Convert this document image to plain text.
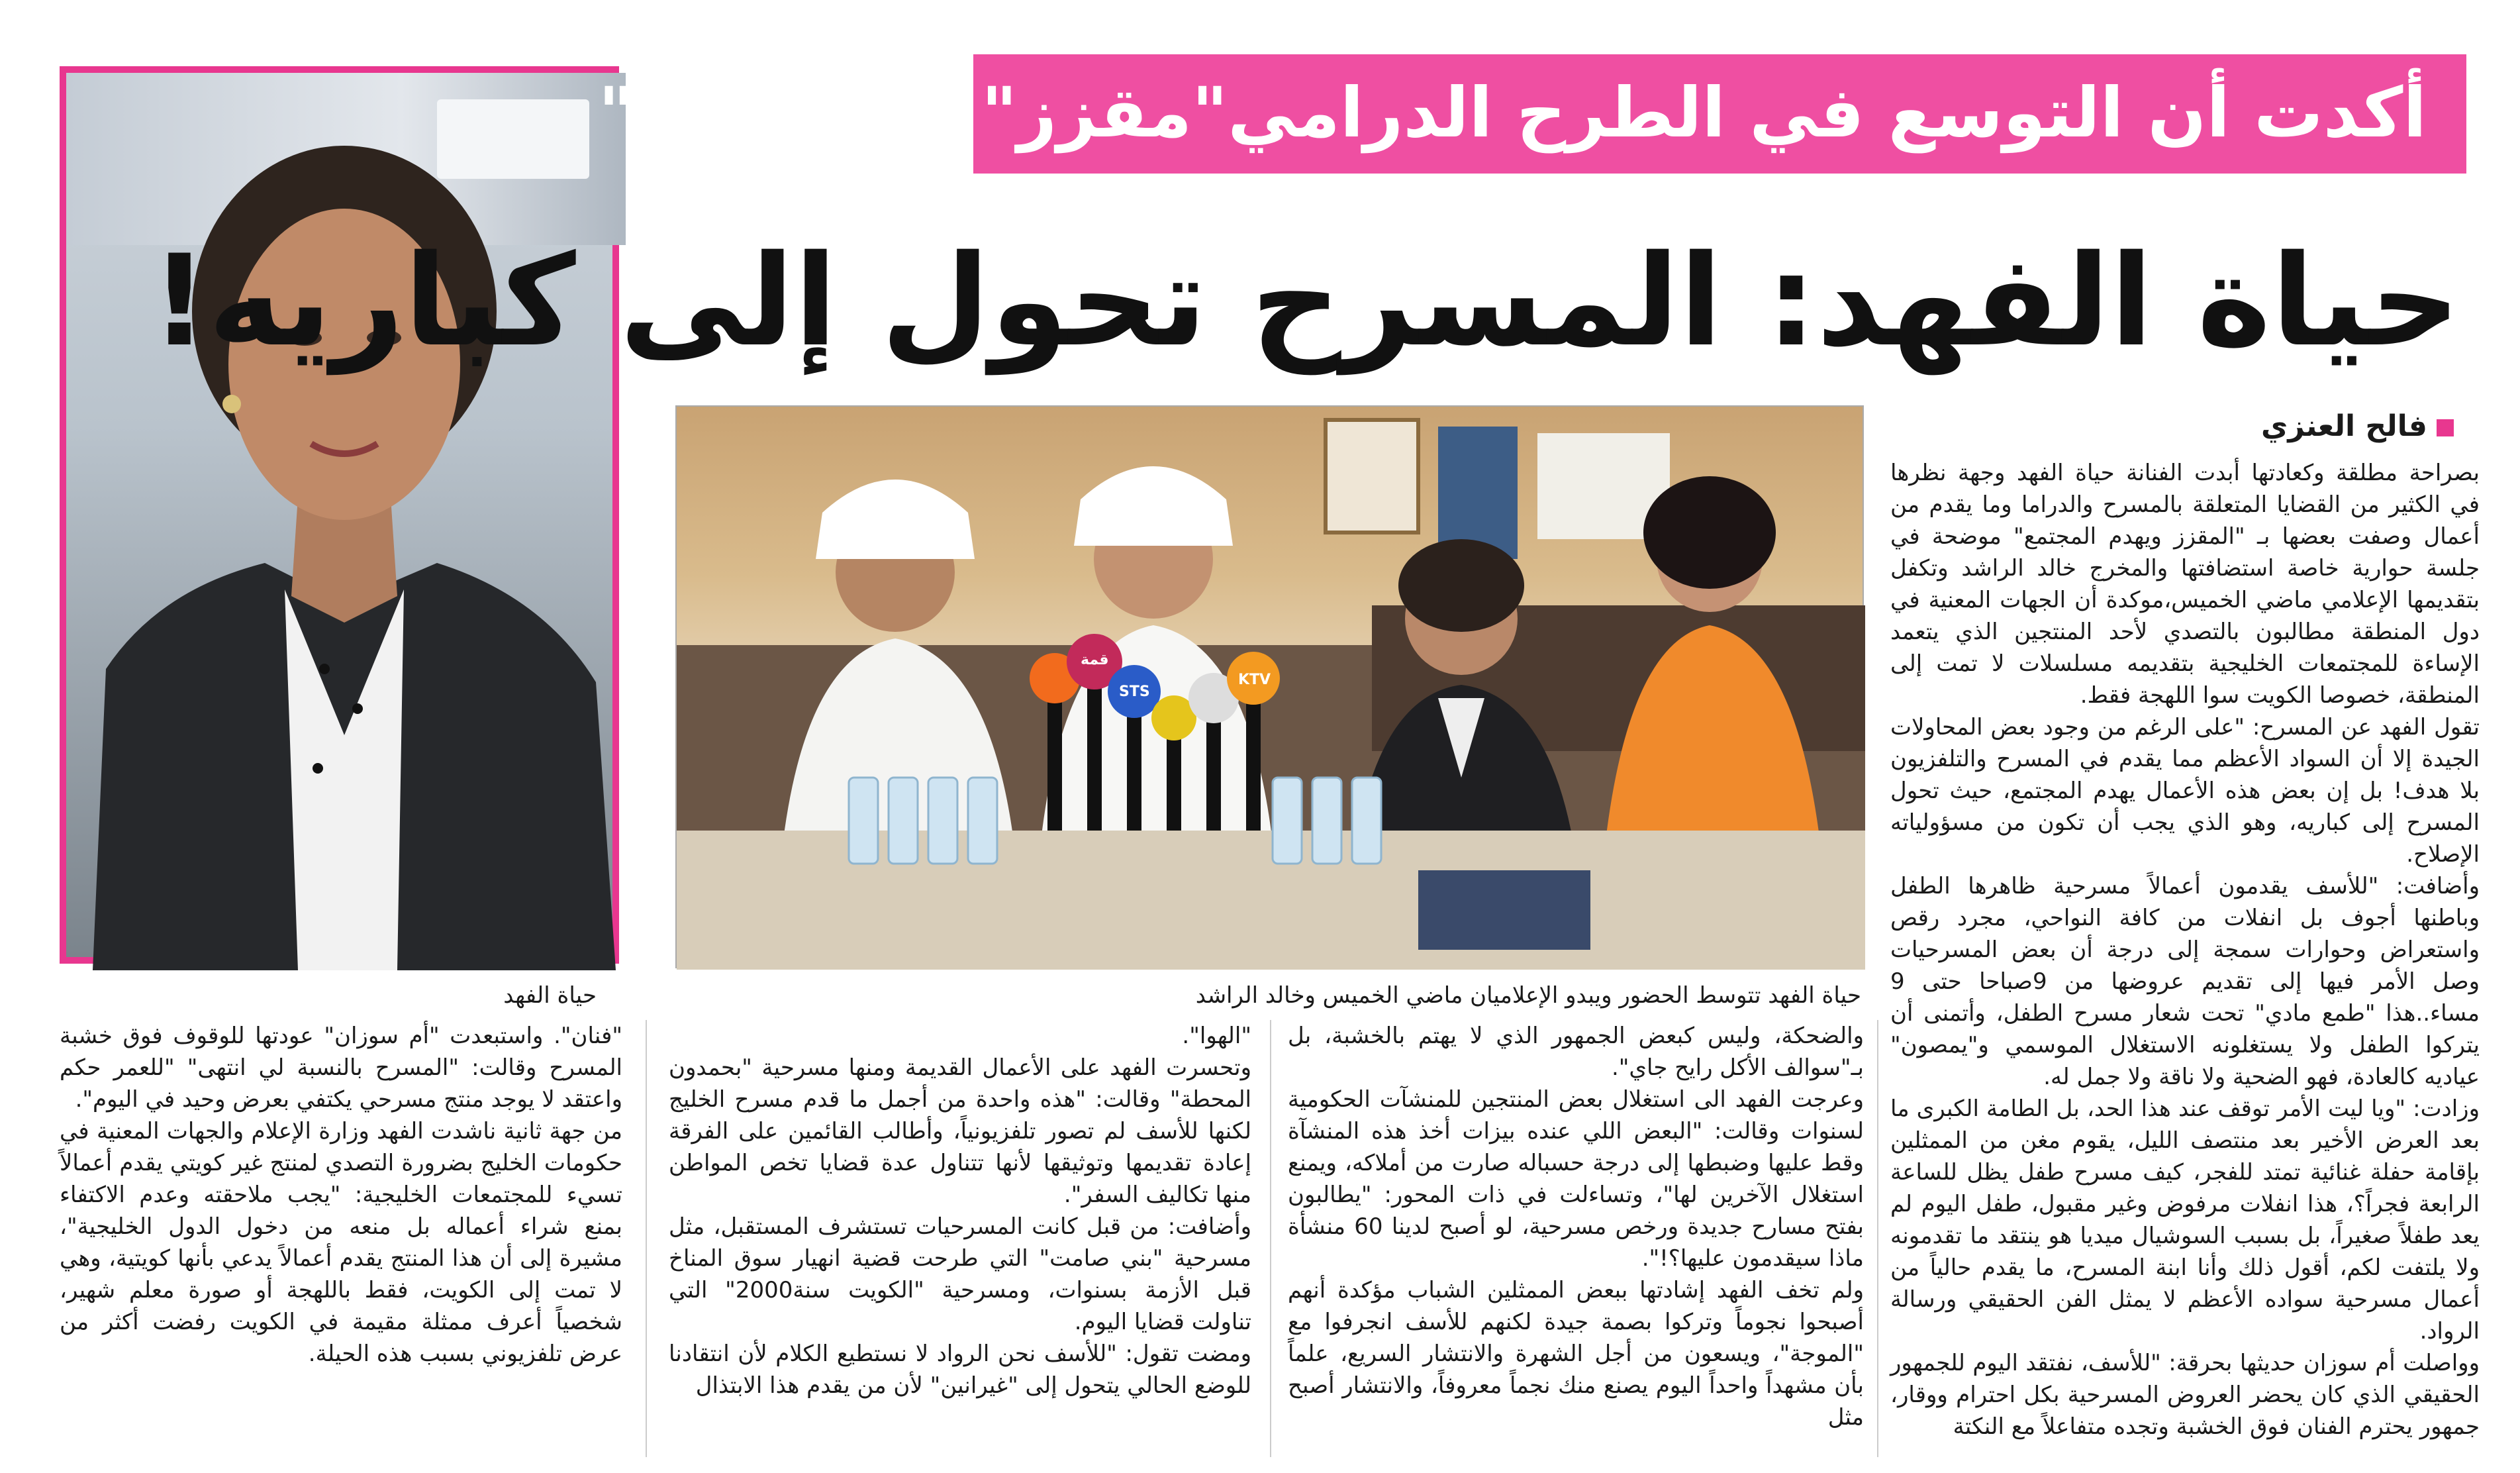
حياة الفهد
أكدت أن التوسع في الطرح الدرامي"مقزز" و "انفلات"
حياة الفهد: المسرح تحول إلى كباريه!
فالح العنزي
قمة
STS
KTV
حياة الفهد تتوسط الحضور ويبدو الإعلاميان ماضي الخميس وخالد الراشد

بصراحة مطلقة وكعادتها أبدت الفنانة حياة الفهد وجهة نظرها في الكثير من القضايا المتعلقة بالمسرح والدراما وما يقدم من أعمال وصفت بعضها بـ "المقزز ويهدم المجتمع" موضحة في جلسة حوارية خاصة استضافتها والمخرج خالد الراشد وتكفل بتقديمها الإعلامي ماضي الخميس،موكدة أن الجهات المعنية في دول المنطقة مطالبون بالتصدي لأحد المنتجين الذي يتعمد الإساءة للمجتمعات الخليجية بتقديمه مسلسلات لا تمت إلى المنطقة، خصوصا الكويت سوا اللهجة فقط.

تقول الفهد عن المسرح: "على الرغم من وجود بعض المحاولات الجيدة إلا أن السواد الأعظم مما يقدم في المسرح والتلفزيون بلا هدف! بل إن بعض هذه الأعمال يهدم المجتمع، حيث تحول المسرح إلى كباريه، وهو الذي يجب أن تكون من مسؤولياته الإصلاح.

وأضافت: "للأسف يقدمون أعمالاً مسرحية ظاهرها الطفل وباطنها أجوف بل انفلات من كافة النواحي، مجرد رقص واستعراض وحوارات سمجة إلى درجة أن بعض المسرحيات وصل الأمر فيها إلى تقديم عروضها من 9صباحا حتى 9 مساء..هذا "طمع مادي" تحت شعار مسرح الطفل، وأتمنى أن يتركوا الطفل ولا يستغلونه الاستغلال الموسمي و"يمصون" عياديه كالعادة، فهو الضحية ولا ناقة ولا جمل له.

وزادت: "ويا ليت الأمر توقف عند هذا الحد، بل الطامة الكبرى ما بعد العرض الأخير بعد منتصف الليل، يقوم مغن من الممثلين بإقامة حفلة غنائية تمتد للفجر، كيف مسرح طفل يظل للساعة الرابعة فجراً؟، هذا انفلات مرفوض وغير مقبول، طفل اليوم لم يعد طفلاً صغيراً، بل بسبب السوشيال ميديا هو ينتقد ما تقدمونه ولا يلتفت لكم، أقول ذلك وأنا ابنة المسرح، ما يقدم حالياً من أعمال مسرحية سواده الأعظم لا يمثل الفن الحقيقي ورسالة الرواد.

وواصلت أم سوزان حديثها بحرقة: "للأسف، نفتقد اليوم للجمهور الحقيقي الذي كان يحضر العروض المسرحية بكل احترام ووقار، جمهور يحترم الفنان فوق الخشبة وتجده متفاعلاً مع النكتة

والضحكة، وليس كبعض الجمهور الذي لا يهتم بالخشبة، بل بـ"سوالف الأكل رايح جاي".

وعرجت الفهد الى استغلال بعض المنتجين للمنشآت الحكومية لسنوات وقالت: "البعض اللي عنده بيزات أخذ هذه المنشآة وقط عليها وضبطها إلى درجة حسباله صارت من أملاكه، ويمنع استغلال الآخرين لها"، وتساءلت في ذات المحور: "يطالبون بفتح مسارح جديدة ورخص مسرحية، لو أصبح لدينا 60 منشأة ماذا سيقدمون عليها؟!".

ولم تخف الفهد إشادتها ببعض الممثلين الشباب مؤكدة أنهم أصبحوا نجوماً وتركوا بصمة جيدة لكنهم للأسف انجرفوا مع "الموجة"، ويسعون من أجل الشهرة والانتشار السريع، علماً بأن مشهداً واحداً اليوم يصنع منك نجماً معروفاً، والانتشار أصبح مثل

"الهوا".

وتحسرت الفهد على الأعمال القديمة ومنها مسرحية "بحمدون المحطة" وقالت: "هذه واحدة من أجمل ما قدم مسرح الخليج لكنها للأسف لم تصور تلفزيونياً، وأطالب القائمين على الفرقة إعادة تقديمها وتوثيقها لأنها تتناول عدة قضايا تخص المواطن منها تكاليف السفر".

وأضافت: من قبل كانت المسرحيات تستشرف المستقبل، مثل مسرحية "بني صامت" التي طرحت قضية انهيار سوق المناخ قبل الأزمة بسنوات، ومسرحية "الكويت سنة2000" التي تناولت قضايا اليوم.

ومضت تقول: "للأسف نحن الرواد لا نستطيع الكلام لأن انتقادنا للوضع الحالي يتحول إلى "غيرانين" لأن من يقدم هذا الابتذال

"فنان". واستبعدت "أم سوزان" عودتها للوقوف فوق خشبة المسرح وقالت: "المسرح بالنسبة لي انتهى" "للعمر حكم واعتقد لا يوجد منتج مسرحي يكتفي بعرض وحيد في اليوم".

من جهة ثانية ناشدت الفهد وزارة الإعلام والجهات المعنية في حكومات الخليج بضرورة التصدي لمنتج غير كويتي يقدم أعمالاً تسيء للمجتمعات الخليجية: "يجب ملاحقته وعدم الاكتفاء بمنع شراء أعماله بل منعه من دخول الدول الخليجية"، مشيرة إلى أن هذا المنتج يقدم أعمالاً يدعي بأنها كويتية، وهي لا تمت إلى الكويت، فقط باللهجة أو صورة معلم شهير، شخصياً أعرف ممثلة مقيمة في الكويت رفضت أكثر من عرض تلفزيوني بسبب هذه الحيلة.
